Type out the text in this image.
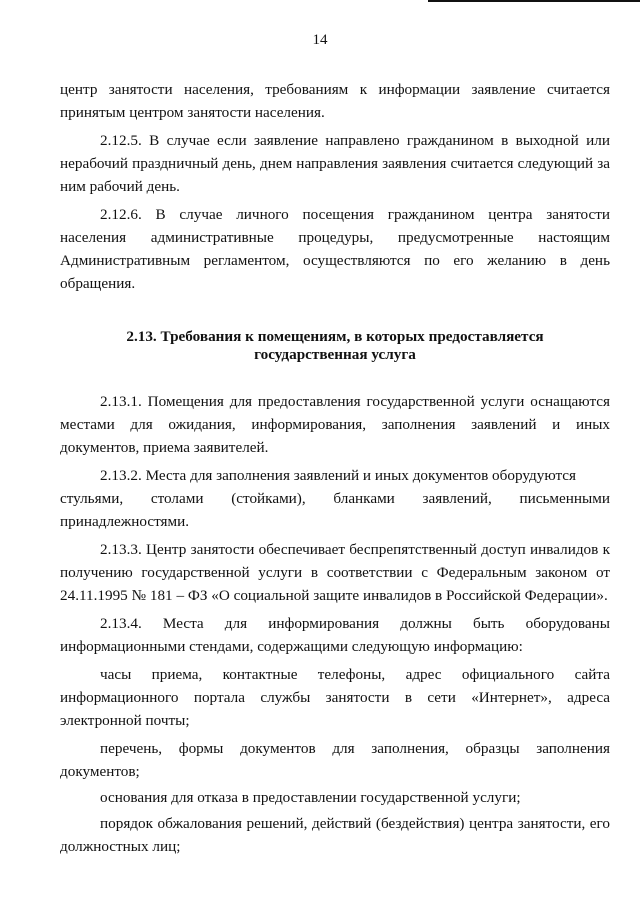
14

центр занятости населения, требованиям к информации заявление считается принятым центром занятости населения.

2.12.5. В случае если заявление направлено гражданином в выходной или нерабочий праздничный день, днем направления заявления считается следующий за ним рабочий день.

2.12.6. В случае личного посещения гражданином центра занятости населения административные процедуры, предусмотренные настоящим Административным регламентом, осуществляются по его желанию в день обращения.

2.13. Требования к помещениям, в которых предоставляется
государственная услуга

2.13.1. Помещения для предоставления государственной услуги оснащаются местами для ожидания, информирования, заполнения заявлений и иных документов, приема заявителей.

2.13.2. Места для заполнения заявлений и иных документов оборудуются

стульями, столами (стойками), бланками заявлений, письменными
принадлежностями.

2.13.3. Центр занятости обеспечивает беспрепятственный доступ инвалидов к получению государственной услуги в соответствии с Федеральным законом от 24.11.1995 № 181 – ФЗ «О социальной защите инвалидов в Российской Федерации».

2.13.4. Места для информирования должны быть оборудованы
информационными стендами, содержащими следующую информацию:
часы приема, контактные телефоны, адрес официального сайта

информационного портала службы занятости в сети «Интернет», адреса электронной почты;

перечень, формы документов для заполнения, образцы заполнения документов;

основания для отказа в предоставлении государственной услуги;

порядок обжалования решений, действий (бездействия) центра занятости, его должностных лиц;
